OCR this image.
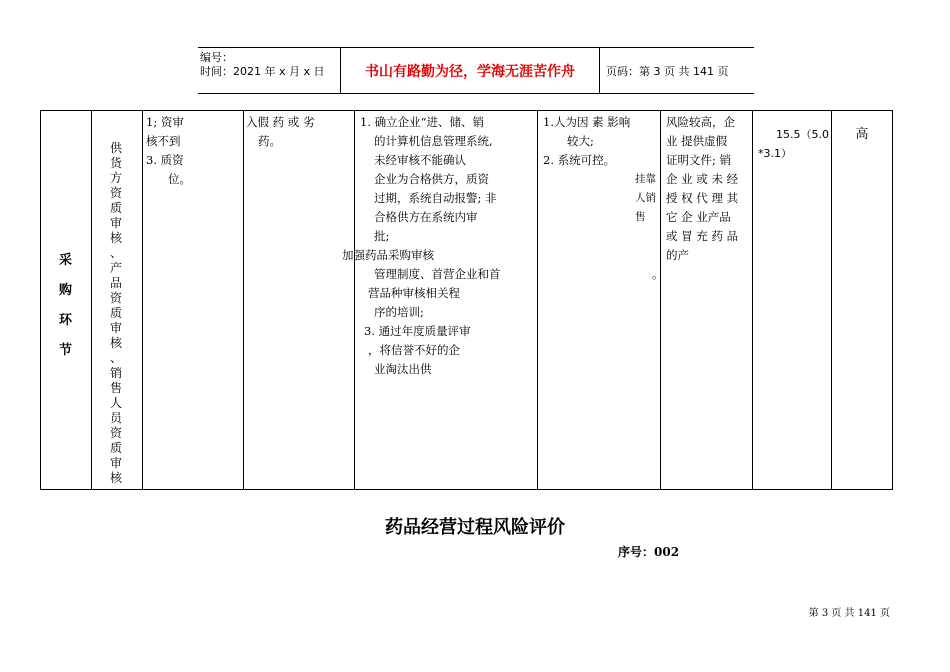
编号：
时间：2021 年 x 月 x 日	书山有路勤为径，学海无涯苦作舟	页码：第 3 页 共 141 页
采
购
环
节
供
货
方
资
质
审
核
、
产
品
资
质
审
核
、
销
售
人
员
资
质
审
核
1; 资审
核不到
3. 质资
位。
入假 药 或 劣
药。
1. 确立企业“进、储、销
的计算机信息管理系统,
未经审核不能确认
企业为合格供方，质资
过期，系统自动报警; 非
合格供方在系统内审
批;
加强药品采购审核
管理制度、首营企业和首
营品种审核相关程
序的培训;
3. 通过年度质量评审
，将信誉不好的企
业淘汰出供
1.人为因 素 影响
较大;
2. 系统可控。
挂靠人销售
风险较高，企
业 提供虚假
证明文件; 销
企 业 或 未 经
授 权 代 理 其
它 企 业产品
或 冒 充 药 品
的产
。
15.5（5.0
*3.1）
高
药品经营过程风险评价
序号：002
第 3 页 共 141 页
